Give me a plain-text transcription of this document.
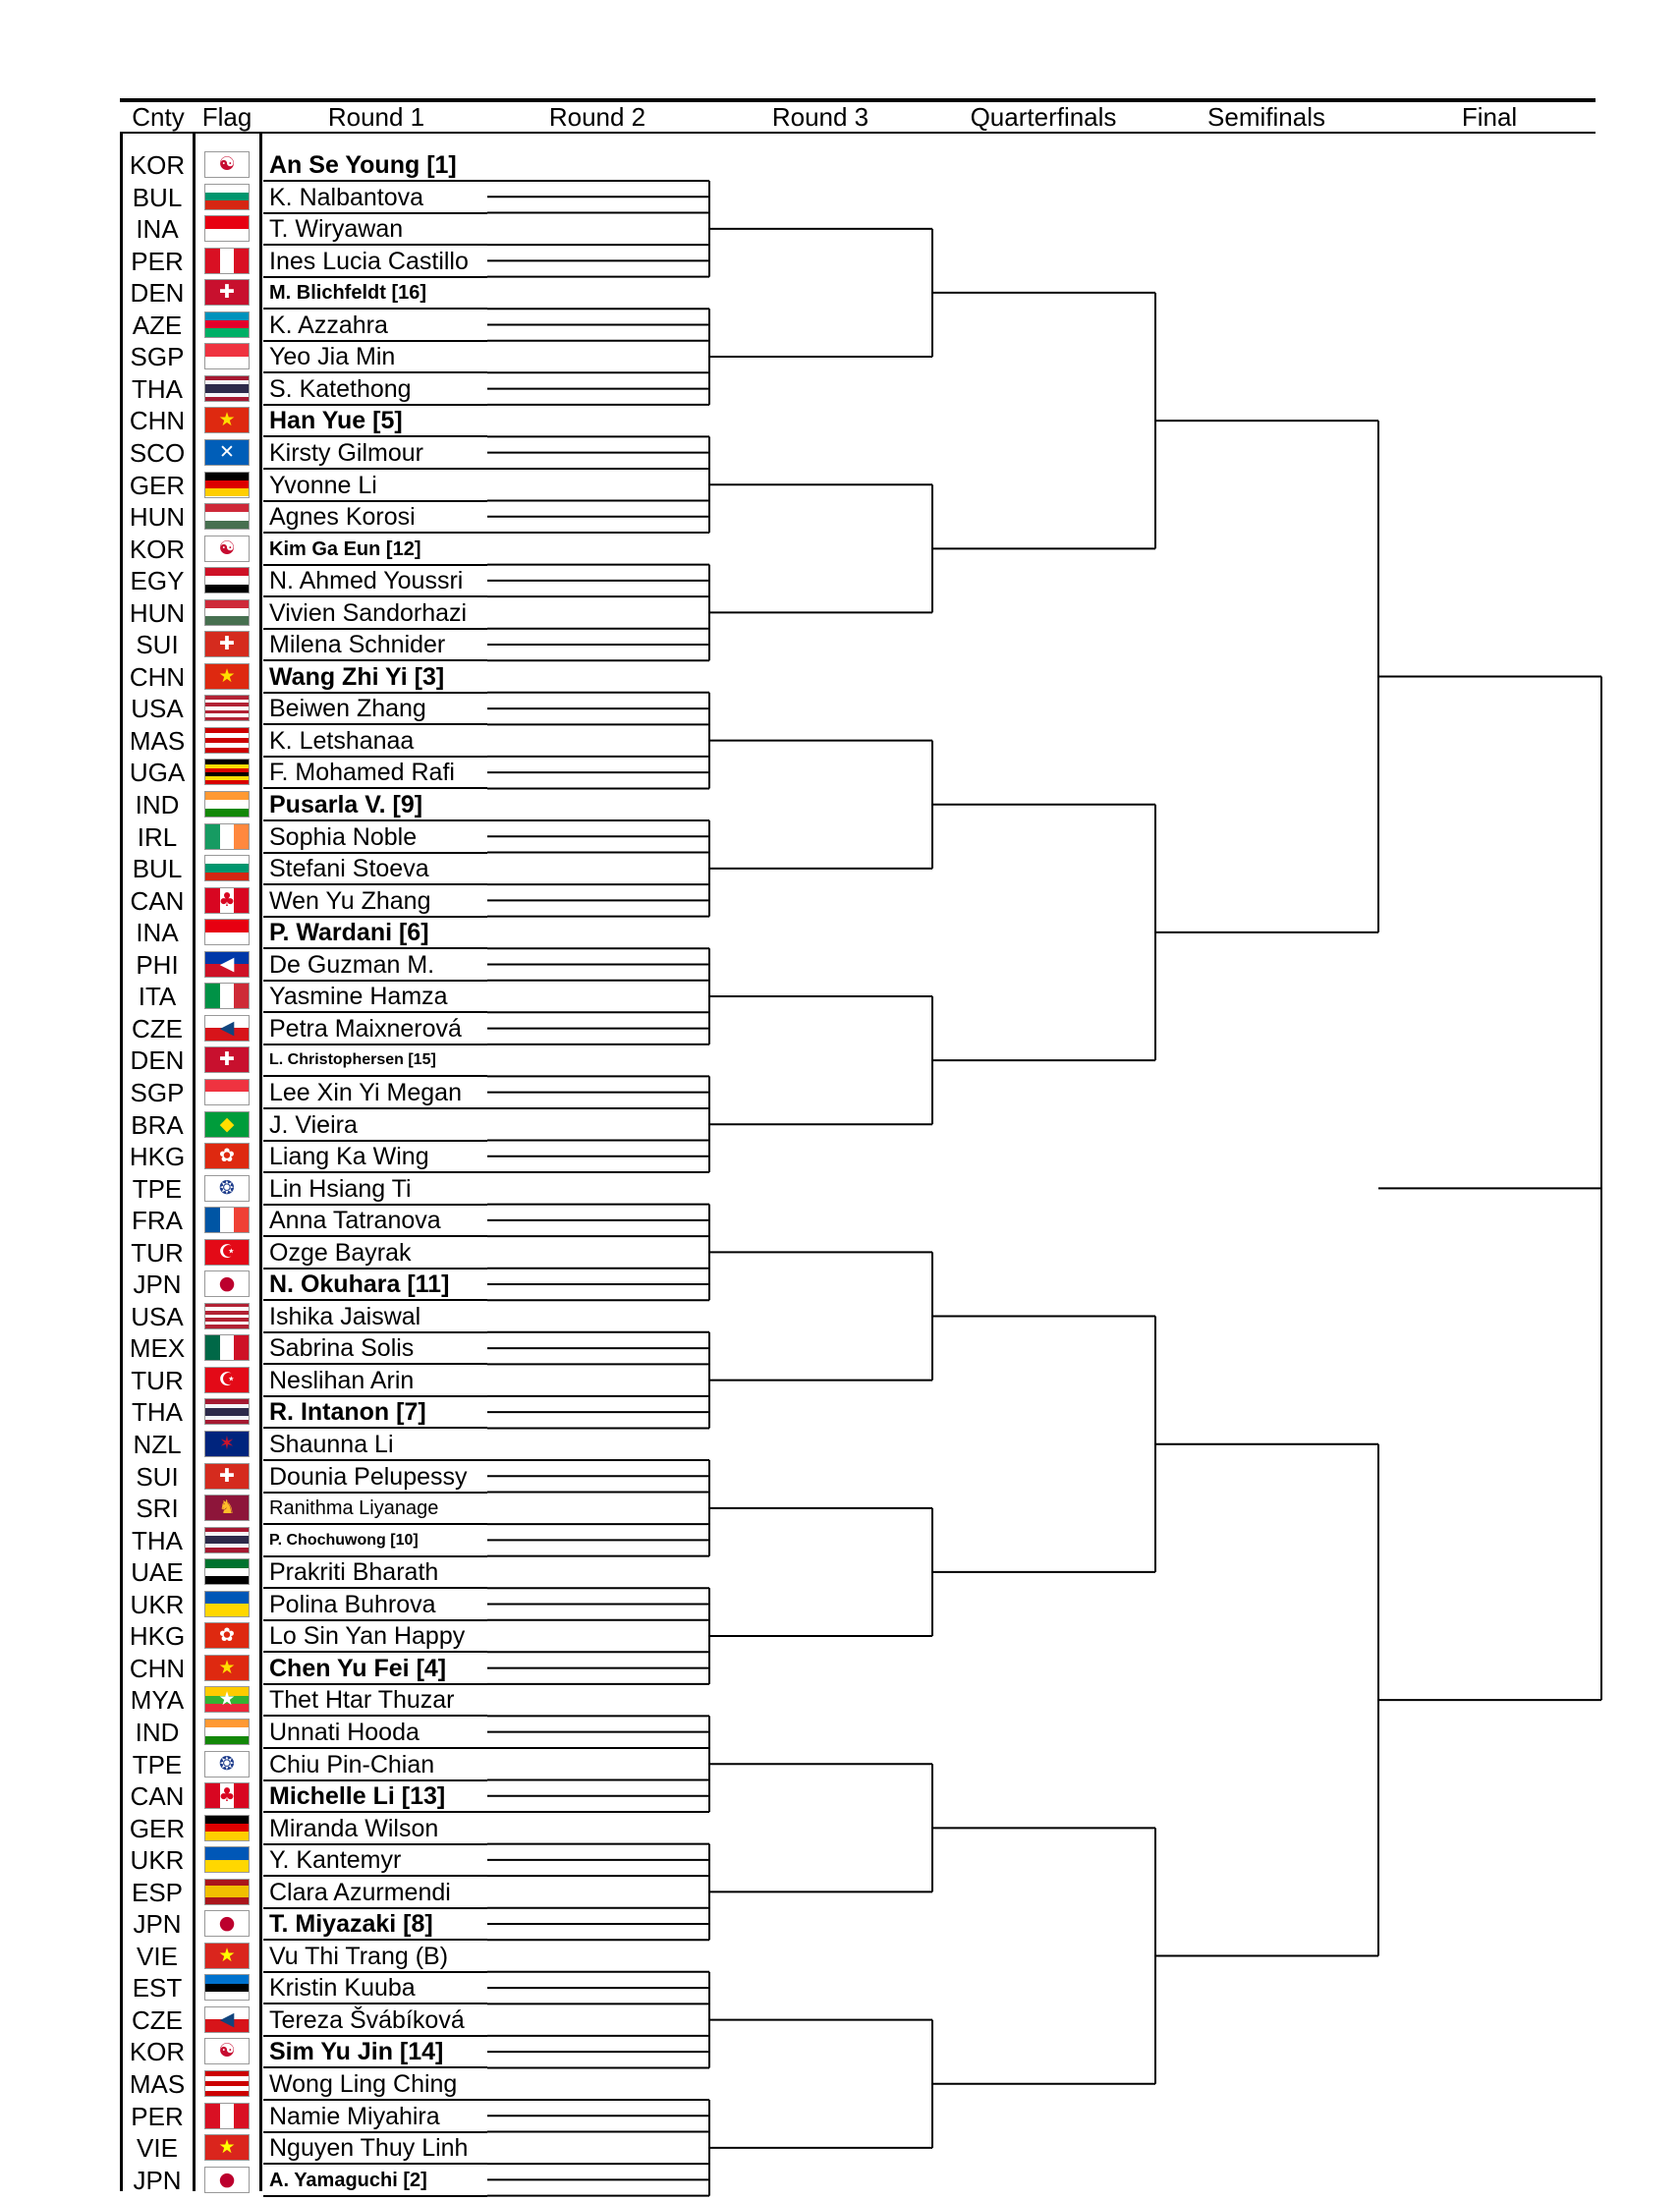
Cnty Flag	Round 1	Round 2	Round 3	Quarterfinals	Semifinals	Final
KOR	☯	An Se Young [1]
BUL	K. Nalbantova
INA	T. Wiryawan
PER	Ines Lucia Castillo
DEN	✚	M. Blichfeldt [16]
AZE	K. Azzahra
SGP	Yeo Jia Min
THA	S. Katethong
CHN	★	Han Yue [5]
SCO	✕	Kirsty Gilmour
GER	Yvonne Li
HUN	Agnes Korosi
KOR	☯	Kim Ga Eun [12]
EGY	N. Ahmed Youssri
HUN	Vivien Sandorhazi
SUI	✚	Milena Schnider
CHN	★	Wang Zhi Yi [3]
USA	Beiwen Zhang
MAS	K. Letshanaa
UGA	F. Mohamed Rafi
IND	Pusarla V. [9]
IRL	Sophia Noble
BUL	Stefani Stoeva
CAN	♣	Wen Yu Zhang
INA	P. Wardani [6]
PHI	◀	De Guzman M.
ITA	Yasmine Hamza
CZE	◀	Petra Maixnerová
DEN	✚	L. Christophersen [15]
SGP	Lee Xin Yi Megan
BRA	◆	J. Vieira
HKG	✿	Liang Ka Wing
TPE	❂	Lin Hsiang Ti
FRA	Anna Tatranova
TUR	☪	Ozge Bayrak
JPN	●	N. Okuhara [11]
USA	Ishika Jaiswal
MEX	Sabrina Solis
TUR	☪	Neslihan Arin
THA	R. Intanon [7]
NZL	✶	Shaunna Li
SUI	✚	Dounia Pelupessy
SRI	♞	Ranithma Liyanage
THA	P. Chochuwong [10]
UAE	Prakriti Bharath
UKR	Polina Buhrova
HKG	✿	Lo Sin Yan Happy
CHN	★	Chen Yu Fei [4]
MYA	★	Thet Htar Thuzar
IND	Unnati Hooda
TPE	❂	Chiu Pin-Chian
CAN	♣	Michelle Li [13]
GER	Miranda Wilson
UKR	Y. Kantemyr
ESP	Clara Azurmendi
JPN	●	T. Miyazaki [8]
VIE	★	Vu Thi Trang (B)
EST	Kristin Kuuba
CZE	◀	Tereza Švábíková
KOR	☯	Sim Yu Jin [14]
MAS	Wong Ling Ching
PER	Namie Miyahira
VIE	★	Nguyen Thuy Linh
JPN	●	A. Yamaguchi [2]
